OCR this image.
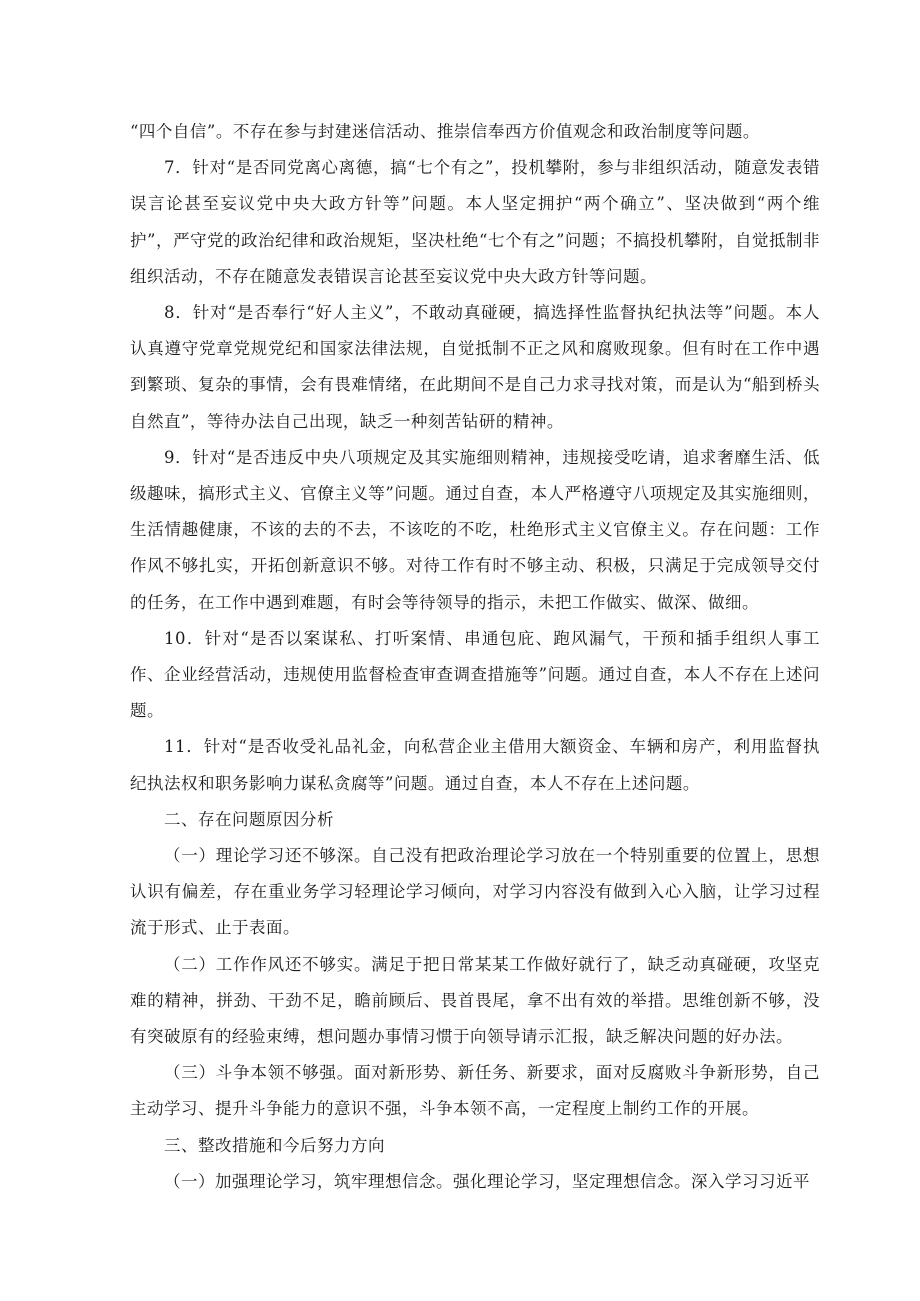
“四个自信”。不存在参与封建迷信活动、推崇信奉西方价值观念和政治制度等问题。

7．针对“是否同党离心离德，搞“七个有之”，投机攀附，参与非组织活动，随意发表错误言论甚至妄议党中央大政方针等”问题。本人坚定拥护“两个确立”、坚决做到“两个维护”，严守党的政治纪律和政治规矩，坚决杜绝“七个有之”问题；不搞投机攀附，自觉抵制非组织活动，不存在随意发表错误言论甚至妄议党中央大政方针等问题。

8．针对“是否奉行“好人主义”，不敢动真碰硬，搞选择性监督执纪执法等”问题。本人认真遵守党章党规党纪和国家法律法规，自觉抵制不正之风和腐败现象。但有时在工作中遇到繁琐、复杂的事情，会有畏难情绪，在此期间不是自己力求寻找对策，而是认为“船到桥头自然直”，等待办法自己出现，缺乏一种刻苦钻研的精神。

9．针对“是否违反中央八项规定及其实施细则精神，违规接受吃请，追求奢靡生活、低级趣味，搞形式主义、官僚主义等”问题。通过自查，本人严格遵守八项规定及其实施细则，生活情趣健康，不该的去的不去，不该吃的不吃，杜绝形式主义官僚主义。存在问题：工作作风不够扎实，开拓创新意识不够。对待工作有时不够主动、积极，只满足于完成领导交付的任务，在工作中遇到难题，有时会等待领导的指示，未把工作做实、做深、做细。

10．针对“是否以案谋私、打听案情、串通包庇、跑风漏气，干预和插手组织人事工作、企业经营活动，违规使用监督检查审查调查措施等”问题。通过自查，本人不存在上述问题。

11．针对“是否收受礼品礼金，向私营企业主借用大额资金、车辆和房产，利用监督执纪执法权和职务影响力谋私贪腐等”问题。通过自查，本人不存在上述问题。

二、存在问题原因分析

（一）理论学习还不够深。自己没有把政治理论学习放在一个特别重要的位置上，思想认识有偏差，存在重业务学习轻理论学习倾向，对学习内容没有做到入心入脑，让学习过程流于形式、止于表面。

（二）工作作风还不够实。满足于把日常某某工作做好就行了，缺乏动真碰硬，攻坚克难的精神，拼劲、干劲不足，瞻前顾后、畏首畏尾，拿不出有效的举措。思维创新不够，没有突破原有的经验束缚，想问题办事情习惯于向领导请示汇报，缺乏解决问题的好办法。

（三）斗争本领不够强。面对新形势、新任务、新要求，面对反腐败斗争新形势，自己主动学习、提升斗争能力的意识不强，斗争本领不高，一定程度上制约工作的开展。

三、整改措施和今后努力方向

（一）加强理论学习，筑牢理想信念。强化理论学习，坚定理想信念。深入学习习近平
